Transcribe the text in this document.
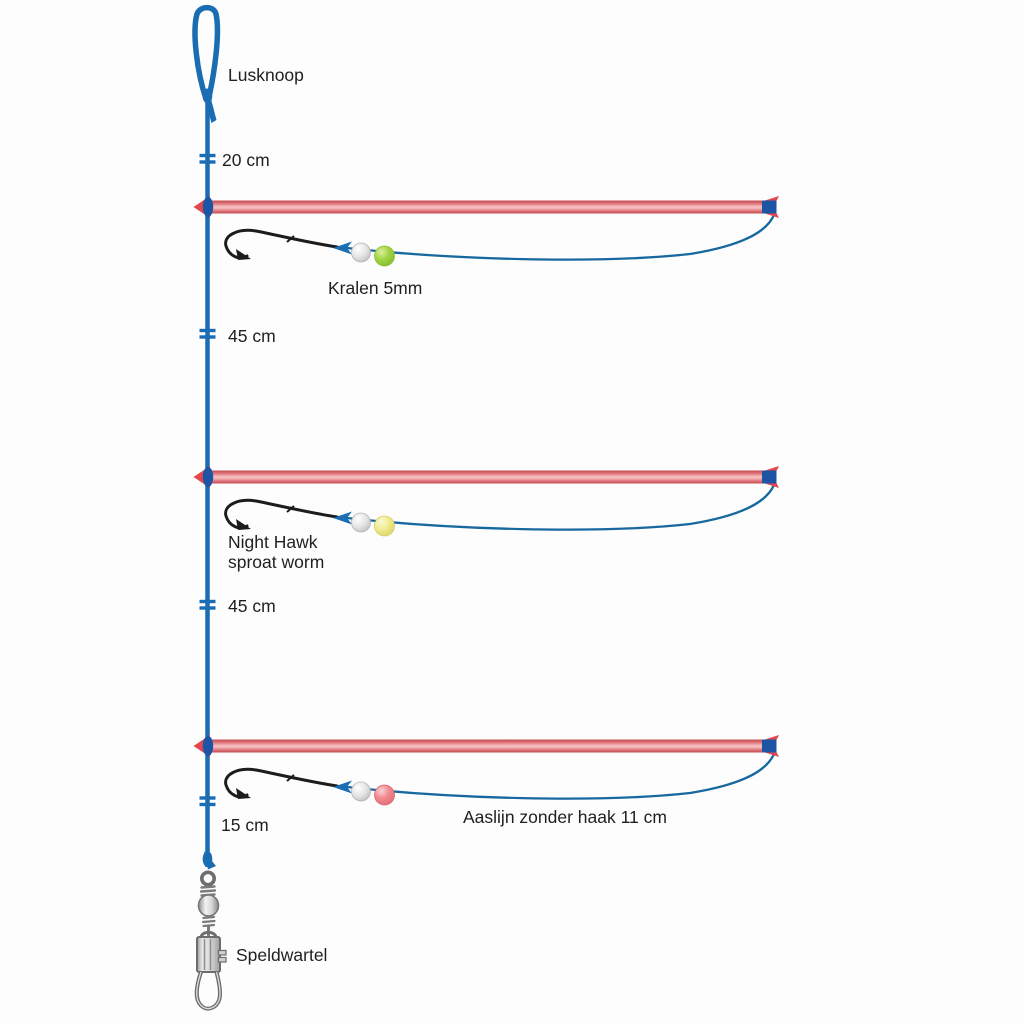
Lusknoop
20 cm
Kralen 5mm
45 cm
Night Hawk
sproat worm
45 cm
15 cm	Aaslijn zonder haak 11 cm
Speldwartel
